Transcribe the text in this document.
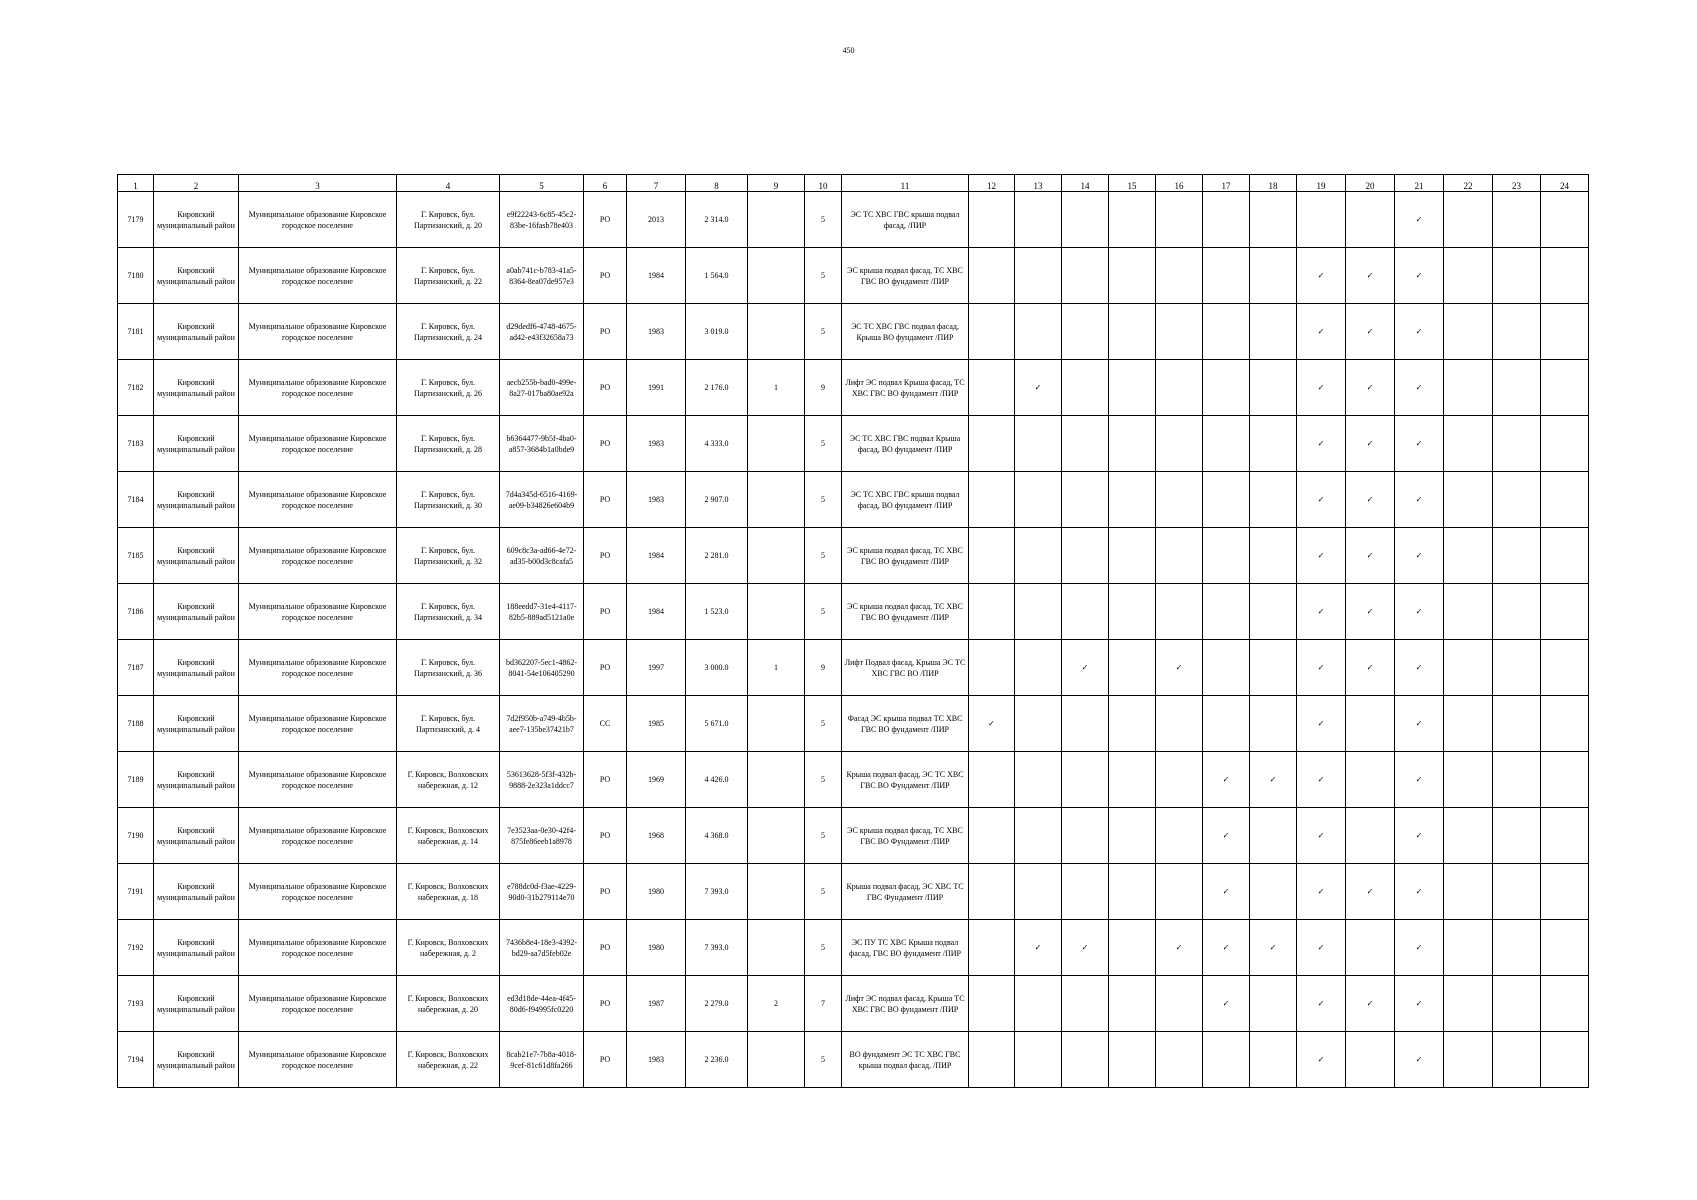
450
1	2	3	4	5	6	7	8	9	10	11	12	13	14	15	16	17	18	19	20	21	22	23	24
7179	Кировский муниципальный район	Муниципальное образование Кировское городское поселение	Г. Кировск, бул. Партизанский, д. 20	e9f22243-6c85-45c2-83be-16fasb78e403	РО	2013	2 314.0		5	ЭС ТС ХВС ГВС крыша подвал фасад, /ПИР										✓			
7180	Кировский муниципальный район	Муниципальное образование Кировское городское поселение	Г. Кировск, бул. Партизанский, д. 22	a0ab741c-b783-41a5-8364-8ea07de957e3	РО	1984	1 564.0		5	ЭС крыша подвал фасад, ТС ХВС ГВС ВО фундамент /ПИР								✓	✓	✓			
7181	Кировский муниципальный район	Муниципальное образование Кировское городское поселение	Г. Кировск, бул. Партизанский, д. 24	d29dedf6-4748-4675-ad42-e43f32658a73	РО	1983	3 019.0		5	ЭС ТС ХВС ГВС подвал фасад, Крыша ВО фундамент /ПИР								✓	✓	✓			
7182	Кировский муниципальный район	Муниципальное образование Кировское городское поселение	Г. Кировск, бул. Партизанский, д. 26	aecb255b-bad0-499e-8a27-017ba80ae92a	РО	1991	2 176.0	1	9	Лифт ЭС подвал Крыша фасад, ТС ХВС ГВС ВО фундамент /ПИР		✓						✓	✓	✓			
7183	Кировский муниципальный район	Муниципальное образование Кировское городское поселение	Г. Кировск, бул. Партизанский, д. 28	b6364477-9b5f-4ba0-a857-3684b1a0bde9	РО	1983	4 333.0		5	ЭС ТС ХВС ГВС подвал Крыша фасад, ВО фундамент /ПИР								✓	✓	✓			
7184	Кировский муниципальный район	Муниципальное образование Кировское городское поселение	Г. Кировск, бул. Партизанский, д. 30	7d4a345d-6516-4169-ae09-b34826e604b9	РО	1983	2 907.0		5	ЭС ТС ХВС ГВС крыша подвал фасад, ВО фундамент /ПИР								✓	✓	✓			
7185	Кировский муниципальный район	Муниципальное образование Кировское городское поселение	Г. Кировск, бул. Партизанский, д. 32	609c8c3a-ad66-4e72-ad35-b00d3c8cafa5	РО	1984	2 281.0		5	ЭС крыша подвал фасад, ТС ХВС ГВС ВО фундамент /ПИР								✓	✓	✓			
7186	Кировский муниципальный район	Муниципальное образование Кировское городское поселение	Г. Кировск, бул. Партизанский, д. 34	188eedd7-31e4-4117-82b5-889ad5121a0e	РО	1984	1 523.0		5	ЭС крыша подвал фасад, ТС ХВС ГВС ВО фундамент /ПИР								✓	✓	✓			
7187	Кировский муниципальный район	Муниципальное образование Кировское городское поселение	Г. Кировск, бул. Партизанский, д. 36	bd362207-5ec1-4862-8041-54e106405290	РО	1997	3 000.0	1	9	Лифт Подвал фасад, Крыша ЭС ТС ХВС ГВС ВО /ПИР			✓		✓			✓	✓	✓			
7188	Кировский муниципальный район	Муниципальное образование Кировское городское поселение	Г. Кировск, бул. Партизанский, д. 4	7d2f950b-a749-4b5b-aee7-135be37421b7	СС	1985	5 671.0		5	Фасад ЭС крыша подвал ТС ХВС ГВС ВО фундамент /ПИР	✓							✓		✓			
7189	Кировский муниципальный район	Муниципальное образование Кировское городское поселение	Г. Кировск, Волховских набережная, д. 12	53613628-5f3f-432b-9888-2e323a1ddcc7	РО	1969	4 426.0		5	Крыша подвал фасад, ЭС ТС ХВС ГВС ВО Фундамент /ПИР						✓	✓	✓		✓			
7190	Кировский муниципальный район	Муниципальное образование Кировское городское поселение	Г. Кировск, Волховских набережная, д. 14	7e3523aa-0e30-42f4-875fe86eeb1a8978	РО	1968	4 368.0		5	ЭС крыша подвал фасад, ТС ХВС ГВС ВО Фундамент /ПИР						✓		✓		✓			
7191	Кировский муниципальный район	Муниципальное образование Кировское городское поселение	Г. Кировск, Волховских набережная, д. 18	e788dc0d-f3ae-4229-90d0-31b279114e70	РО	1980	7 393.0		5	Крыша подвал фасад, ЭС ХВС ТС ГВС Фундамент /ПИР						✓		✓	✓	✓			
7192	Кировский муниципальный район	Муниципальное образование Кировское городское поселение	Г. Кировск, Волховских набережная, д. 2	7436b8e4-18e3-4392-bd29-aa7d5feb02e	РО	1980	7 393.0		5	ЭС ПУ ТС ХВС Крыша подвал фасад, ГВС ВО фундамент /ПИР		✓	✓		✓	✓	✓	✓		✓			
7193	Кировский муниципальный район	Муниципальное образование Кировское городское поселение	Г. Кировск, Волховских набережная, д. 20	ed3d18de-44ea-4f45-80d6-f94995fc0220	РО	1987	2 279.0	2	7	Лифт ЭС подвал фасад, Крыша ТС ХВС ГВС ВО фундамент /ПИР						✓		✓	✓	✓			
7194	Кировский муниципальный район	Муниципальное образование Кировское городское поселение	Г. Кировск, Волховских набережная, д. 22	8cab21e7-7b8a-4018-9cef-81c61d8fa266	РО	1983	2 236.0		5	ВО фундамент ЭС ТС ХВС ГВС крыша подвал фасад, /ПИР								✓		✓			
